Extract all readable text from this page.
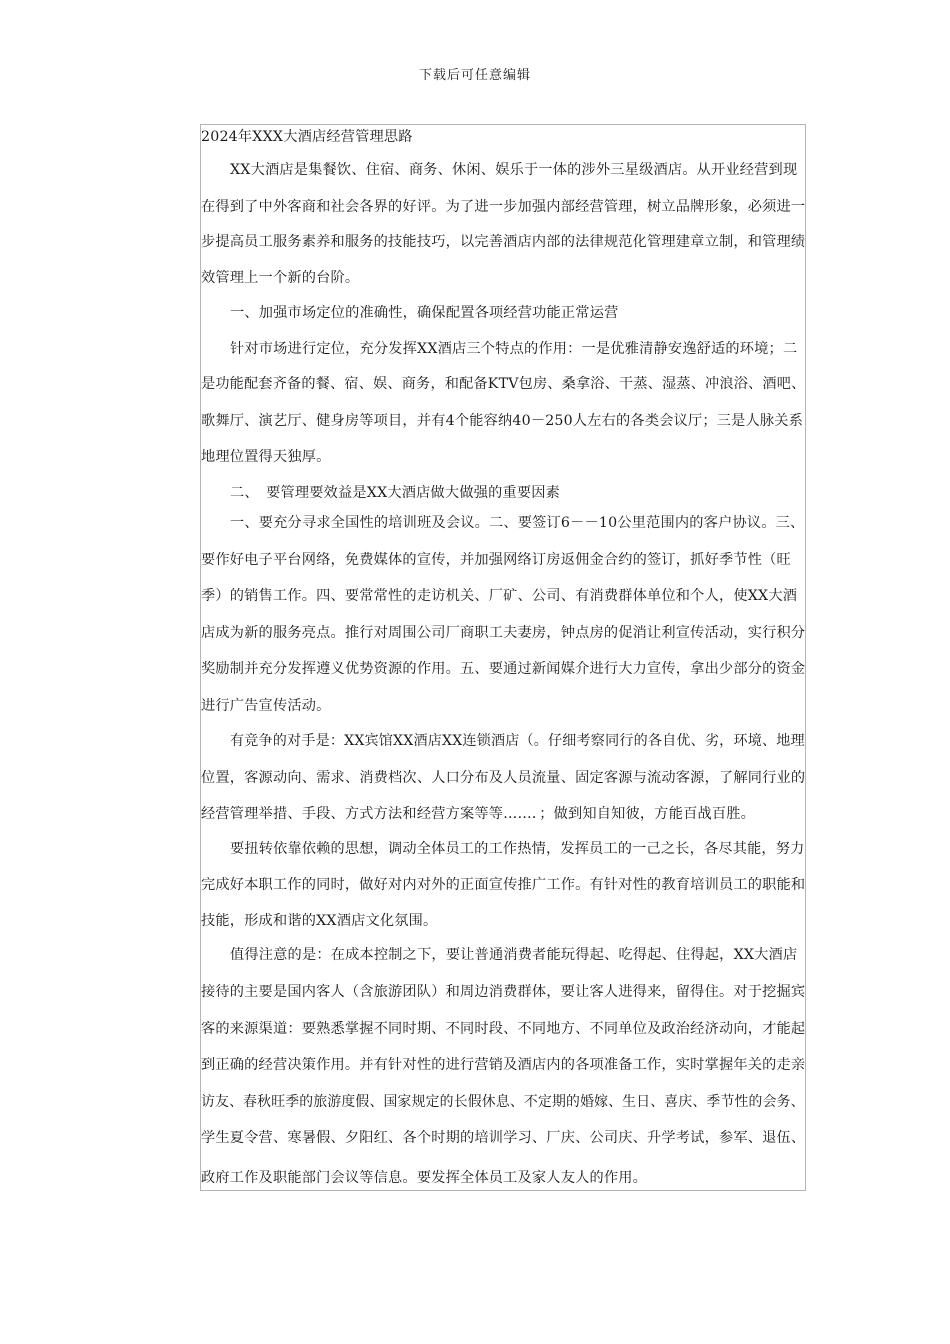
下载后可任意编辑
2024年XXX大酒店经营管理思路
XX大酒店是集餐饮、住宿、商务、休闲、娱乐于一体的涉外三星级酒店。从开业经营到现
在得到了中外客商和社会各界的好评。为了进一步加强内部经营管理，树立品牌形象，必须进一
步提高员工服务素养和服务的技能技巧，以完善酒店内部的法律规范化管理建章立制，和管理绩
效管理上一个新的台阶。
一、加强市场定位的准确性，确保配置各项经营功能正常运营
针对市场进行定位，充分发挥XX酒店三个特点的作用：一是优雅清静安逸舒适的环境；二
是功能配套齐备的餐、宿、娱、商务，和配备KTV包房、桑拿浴、干蒸、湿蒸、冲浪浴、酒吧、
歌舞厅、演艺厅、健身房等项目，并有4个能容纳40－250人左右的各类会议厅；三是人脉关系
地理位置得天独厚。
二、　要管理要效益是XX大酒店做大做强的重要因素
一、要充分寻求全国性的培训班及会议。二、要签订6－－10公里范围内的客户协议。三、
要作好电子平台网络，免费媒体的宣传，并加强网络订房返佣金合约的签订，抓好季节性（旺
季）的销售工作。四、要常常性的走访机关、厂矿、公司、有消费群体单位和个人，使XX大酒
店成为新的服务亮点。推行对周围公司厂商职工夫妻房，钟点房的促消让利宣传活动，实行积分
奖励制并充分发挥遵义优势资源的作用。五、要通过新闻媒介进行大力宣传，拿出少部分的资金
进行广告宣传活动。
有竞争的对手是：XX宾馆XX酒店XX连锁酒店（。仔细考察同行的各自优、劣，环境、地理
位置，客源动向、需求、消费档次、人口分布及人员流量、固定客源与流动客源，了解同行业的
经营管理举措、手段、方式方法和经营方案等等……．；做到知自知彼，方能百战百胜。
要扭转依靠依赖的思想，调动全体员工的工作热情，发挥员工的一己之长，各尽其能，努力
完成好本职工作的同时，做好对内对外的正面宣传推广工作。有针对性的教育培训员工的职能和
技能，形成和谐的XX酒店文化氛围。
值得注意的是：在成本控制之下，要让普通消费者能玩得起、吃得起、住得起，XX大酒店
接待的主要是国内客人（含旅游团队）和周边消费群体，要让客人进得来，留得住。对于挖掘宾
客的来源渠道：要熟悉掌握不同时期、不同时段、不同地方、不同单位及政治经济动向，才能起
到正确的经营决策作用。并有针对性的进行营销及酒店内的各项准备工作，实时掌握年关的走亲
访友、春秋旺季的旅游度假、国家规定的长假休息、不定期的婚嫁、生日、喜庆、季节性的会务、
学生夏令营、寒暑假、夕阳红、各个时期的培训学习、厂庆、公司庆、升学考试，参军、退伍、
政府工作及职能部门会议等信息。要发挥全体员工及家人友人的作用。
